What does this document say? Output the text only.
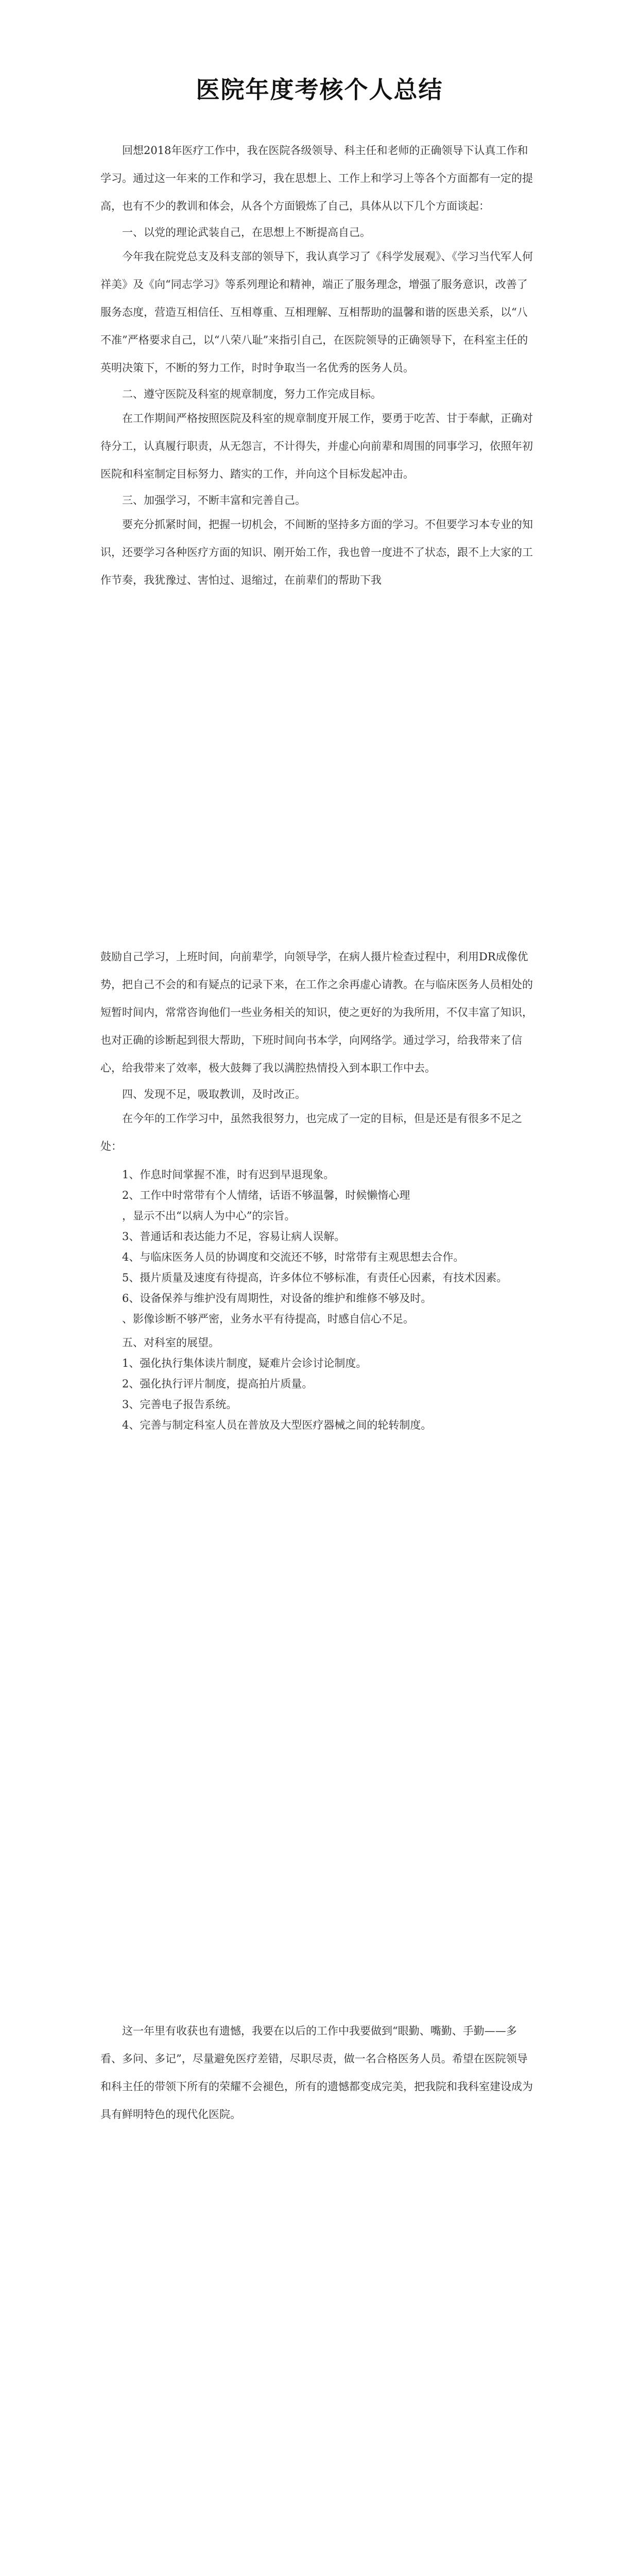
医院年度考核个人总结

回想2018年医疗工作中，我在医院各级领导、科主任和老师的正确领导下认真工作和学习。通过这一年来的工作和学习，我在思想上、工作上和学习上等各个方面都有一定的提高，也有不少的教训和体会，从各个方面锻炼了自己，具体从以下几个方面谈起：

一、以党的理论武装自己，在思想上不断提高自己。

今年我在院党总支及科支部的领导下，我认真学习了《科学发展观》、《学习当代军人何祥美》及《向“同志学习》等系列理论和精神，端正了服务理念，增强了服务意识，改善了服务态度，营造互相信任、互相尊重、互相理解、互相帮助的温馨和谐的医患关系，以“八不准”严格要求自己，以“八荣八耻”来指引自己，在医院领导的正确领导下，在科室主任的英明决策下，不断的努力工作，时时争取当一名优秀的医务人员。

二、遵守医院及科室的规章制度，努力工作完成目标。

在工作期间严格按照医院及科室的规章制度开展工作，要勇于吃苦、甘于奉献，正确对待分工，认真履行职责，从无怨言，不计得失，并虚心向前辈和周围的同事学习，依照年初医院和科室制定目标努力、踏实的工作，并向这个目标发起冲击。

三、加强学习，不断丰富和完善自己。

要充分抓紧时间，把握一切机会，不间断的坚持多方面的学习。不但要学习本专业的知识，还要学习各种医疗方面的知识、刚开始工作，我也曾一度进不了状态，跟不上大家的工作节奏，我犹豫过、害怕过、退缩过，在前辈们的帮助下我

鼓励自己学习，上班时间，向前辈学，向领导学，在病人摄片检查过程中，利用DR成像优势，把自己不会的和有疑点的记录下来，在工作之余再虚心请教。在与临床医务人员相处的短暂时间内，常常咨询他们一些业务相关的知识，使之更好的为我所用，不仅丰富了知识，也对正确的诊断起到很大帮助，下班时间向书本学，向网络学。通过学习，给我带来了信心，给我带来了效率，极大鼓舞了我以满腔热情投入到本职工作中去。

四、发现不足，吸取教训，及时改正。

在今年的工作学习中，虽然我很努力，也完成了一定的目标，但是还是有很多不足之处：

1、作息时间掌握不准，时有迟到早退现象。

2、工作中时常带有个人情绪，话语不够温馨，时候懒惰心理

，显示不出“以病人为中心”的宗旨。

3、普通话和表达能力不足，容易让病人误解。

4、与临床医务人员的协调度和交流还不够，时常带有主观思想去合作。

5、摄片质量及速度有待提高，许多体位不够标准，有责任心因素，有技术因素。

6、设备保养与维护没有周期性，对设备的维护和维修不够及时。

、影像诊断不够严密，业务水平有待提高，时感自信心不足。

五、对科室的展望。

1、强化执行集体读片制度，疑难片会诊讨论制度。

2、强化执行评片制度，提高拍片质量。

3、完善电子报告系统。

4、完善与制定科室人员在普放及大型医疗器械之间的轮转制度。

这一年里有收获也有遗憾，我要在以后的工作中我要做到“眼勤、嘴勤、手勤——多看、多问、多记”，尽量避免医疗差错，尽职尽责，做一名合格医务人员。希望在医院领导和科主任的带领下所有的荣耀不会褪色，所有的遗憾都变成完美，把我院和我科室建设成为具有鲜明特色的现代化医院。
